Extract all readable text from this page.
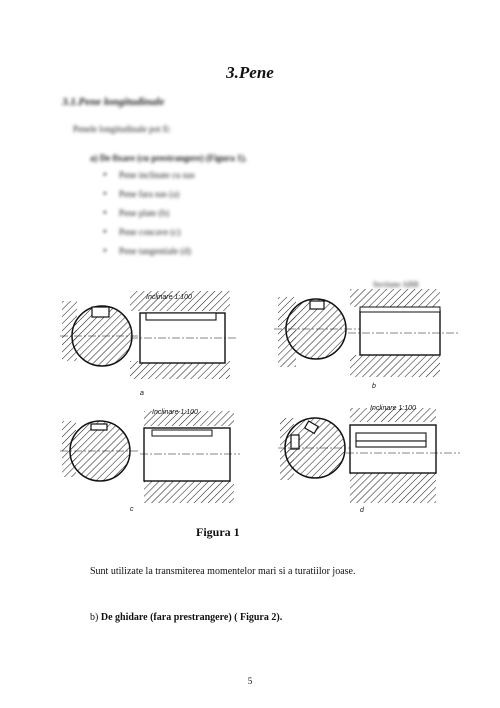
3.Pene
3.1.Pene longitudinale
Penele longitudinale pot fi:
a) De fixare (cu prestrangere) (Figura 1).
• Pene inclinate cu nas
• Pene fara nas (a)
• Pene plate (b)
• Pene concave (c)
• Pene tangentiale (d)
Sectiune ABB
Inclinare 1:100
a
b
Inclinare 1:100
c
Inclinare 1:100
d
Figura 1
Sunt utilizate la transmiterea momentelor mari si a turatiilor joase.
b) De ghidare (fara prestrangere) ( Figura 2).
5
